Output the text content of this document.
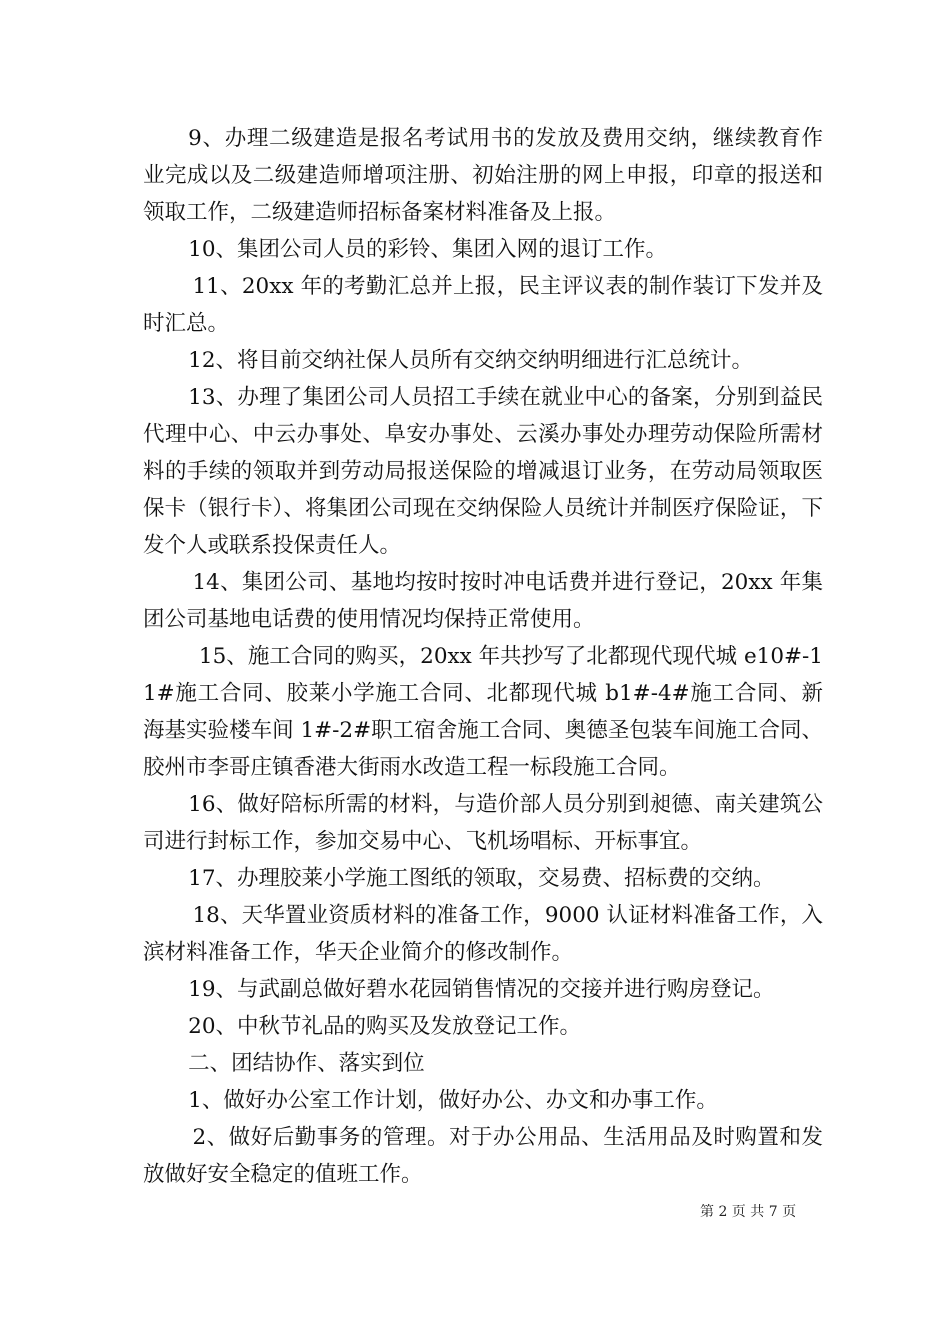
9、办理二级建造是报名考试用书的发放及费用交纳，继续教育作业完成以及二级建造师增项注册、初始注册的网上申报，印章的报送和领取工作，二级建造师招标备案材料准备及上报。

10、集团公司人员的彩铃、集团入网的退订工作。

11、20xx 年的考勤汇总并上报，民主评议表的制作装订下发并及时汇总。

12、将目前交纳社保人员所有交纳交纳明细进行汇总统计。

13、办理了集团公司人员招工手续在就业中心的备案，分别到益民代理中心、中云办事处、阜安办事处、云溪办事处办理劳动保险所需材料的手续的领取并到劳动局报送保险的增减退订业务，在劳动局领取医保卡（银行卡）、将集团公司现在交纳保险人员统计并制医疗保险证，下发个人或联系投保责任人。

14、集团公司、基地均按时按时冲电话费并进行登记，20xx 年集团公司基地电话费的使用情况均保持正常使用。

15、施工合同的购买，20xx 年共抄写了北都现代现代城 e10#-11#施工合同、胶莱小学施工合同、北都现代城 b1#-4#施工合同、新海基实验楼车间 1#-2#职工宿舍施工合同、奥德圣包装车间施工合同、胶州市李哥庄镇香港大街雨水改造工程一标段施工合同。

16、做好陪标所需的材料，与造价部人员分别到昶德、南关建筑公司进行封标工作，参加交易中心、飞机场唱标、开标事宜。

17、办理胶莱小学施工图纸的领取，交易费、招标费的交纳。

18、天华置业资质材料的准备工作，9000 认证材料准备工作，入滨材料准备工作，华天企业简介的修改制作。

19、与武副总做好碧水花园销售情况的交接并进行购房登记。

20、中秋节礼品的购买及发放登记工作。

二、团结协作、落实到位

1、做好办公室工作计划，做好办公、办文和办事工作。

2、做好后勤事务的管理。对于办公用品、生活用品及时购置和发放做好安全稳定的值班工作。

第 2 页 共 7 页
